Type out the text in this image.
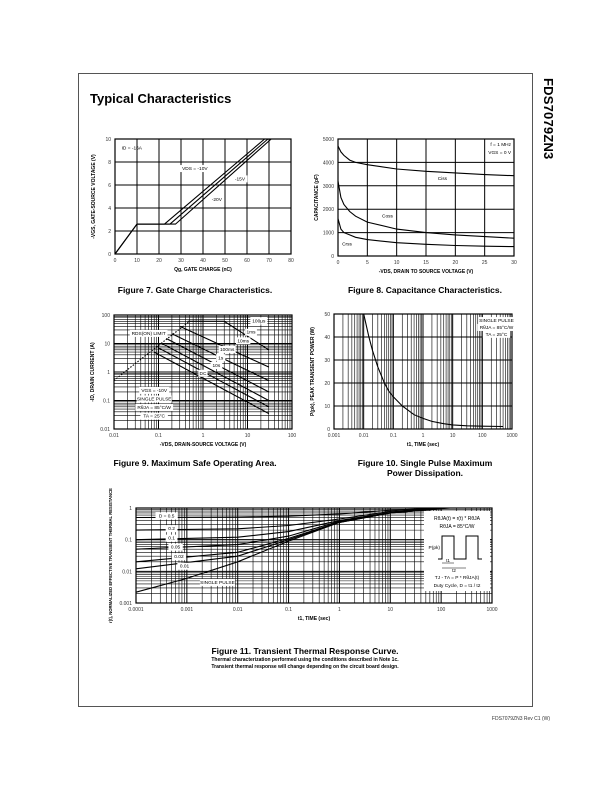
FDS7079ZN3
Typical Characteristics
0	10	20	30	40	50	60	70	80
0
2
4
6
8
10
Qg, GATE CHARGE (nC)
-VGS, GATE-SOURCE VOLTAGE (V)
ID = -16A
VDS = -10V
-15V
-20V
0	5	10	15	20	25	30
0
1000
2000
3000
4000
5000
-VDS, DRAIN TO SOURCE VOLTAGE (V)
CAPACITANCE (pF)
f = 1 MHz
VGS = 0 V
Ciss
Coss
Crss
0.01	0.1	1	10	100
0.01
0.1
1
10
100
-VDS, DRAIN-SOURCE VOLTAGE (V)
-ID, DRAIN CURRENT (A)
RDS(ON) LIMIT
100µs
1ms
10ms
100ms
1s
10s
DC
VGS = -10V
SINGLE PULSE
RθJA = 85°C/W
TA = 25°C
0.001	0.01	0.1	1	10	100	1000
0
10
20
30
40
50
t1, TIME (sec)
P(pk), PEAK TRANSIENT POWER (W)
SINGLE PULSE
RθJA = 85°C/W
TA = 25°C
0.0001	0.001	0.01	0.1	1	10	100	1000
0.001
0.01
0.1
1
t1, TIME (sec)
r(t), NORMALIZED EFFECTIVE TRANSIENT THERMAL RESISTANCE	D = 0.5
0.2
0.1
0.05
0.02
0.01
SINGLE PULSE
RθJA(t) = r(t) * RθJA
RθJA = 85°C/W
P(pk)
t1
t2
TJ - TA = P * RθJA(t)
Duty Cycle, D = t1 / t2
Figure 7. Gate Charge Characteristics.	Figure 8. Capacitance Characteristics.
Figure 9. Maximum Safe Operating Area.	Figure 10. Single Pulse Maximum
Power Dissipation.
Figure 11. Transient Thermal Response Curve.
Thermal characterization performed using the conditions described in Note 1c.
Transient thermal response will change depending on the circuit board design.
FDS7079ZN3 Rev C1 (W)
